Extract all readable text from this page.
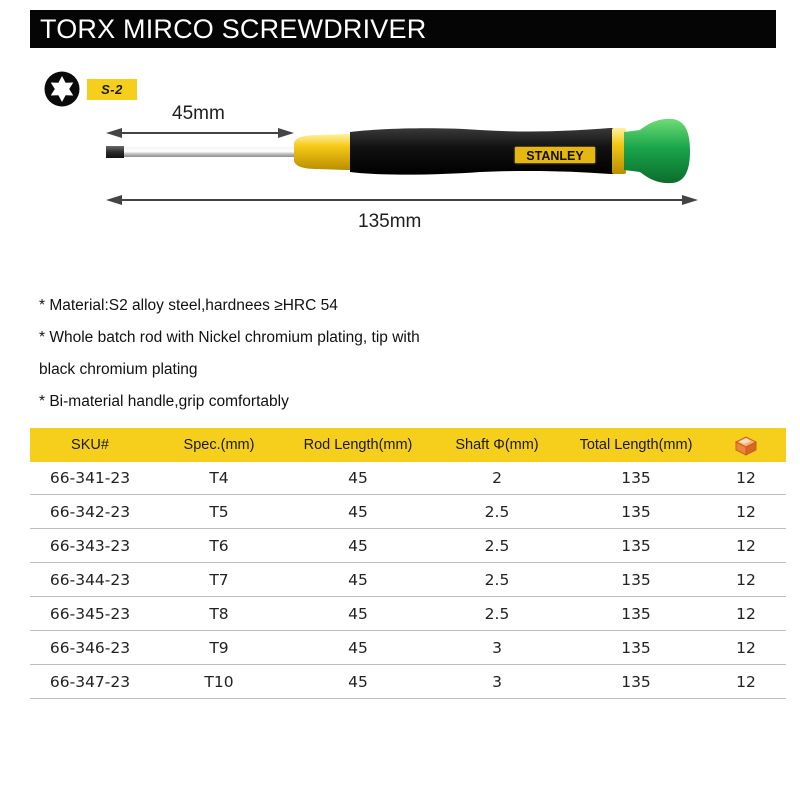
TORX MIRCO SCREWDRIVER
S-2
STANLEY
45mm
135mm
* Material:S2 alloy steel,hardnees ≥HRC 54
* Whole batch rod with Nickel chromium plating, tip with
black chromium plating
* Bi-material handle,grip comfortably
SKU#	Spec.(mm)	Rod Length(mm)	Shaft Φ(mm)	Total Length(mm)	
66-341-23	T4	45	2	135	12
66-342-23	T5	45	2.5	135	12
66-343-23	T6	45	2.5	135	12
66-344-23	T7	45	2.5	135	12
66-345-23	T8	45	2.5	135	12
66-346-23	T9	45	3	135	12
66-347-23	T10	45	3	135	12
